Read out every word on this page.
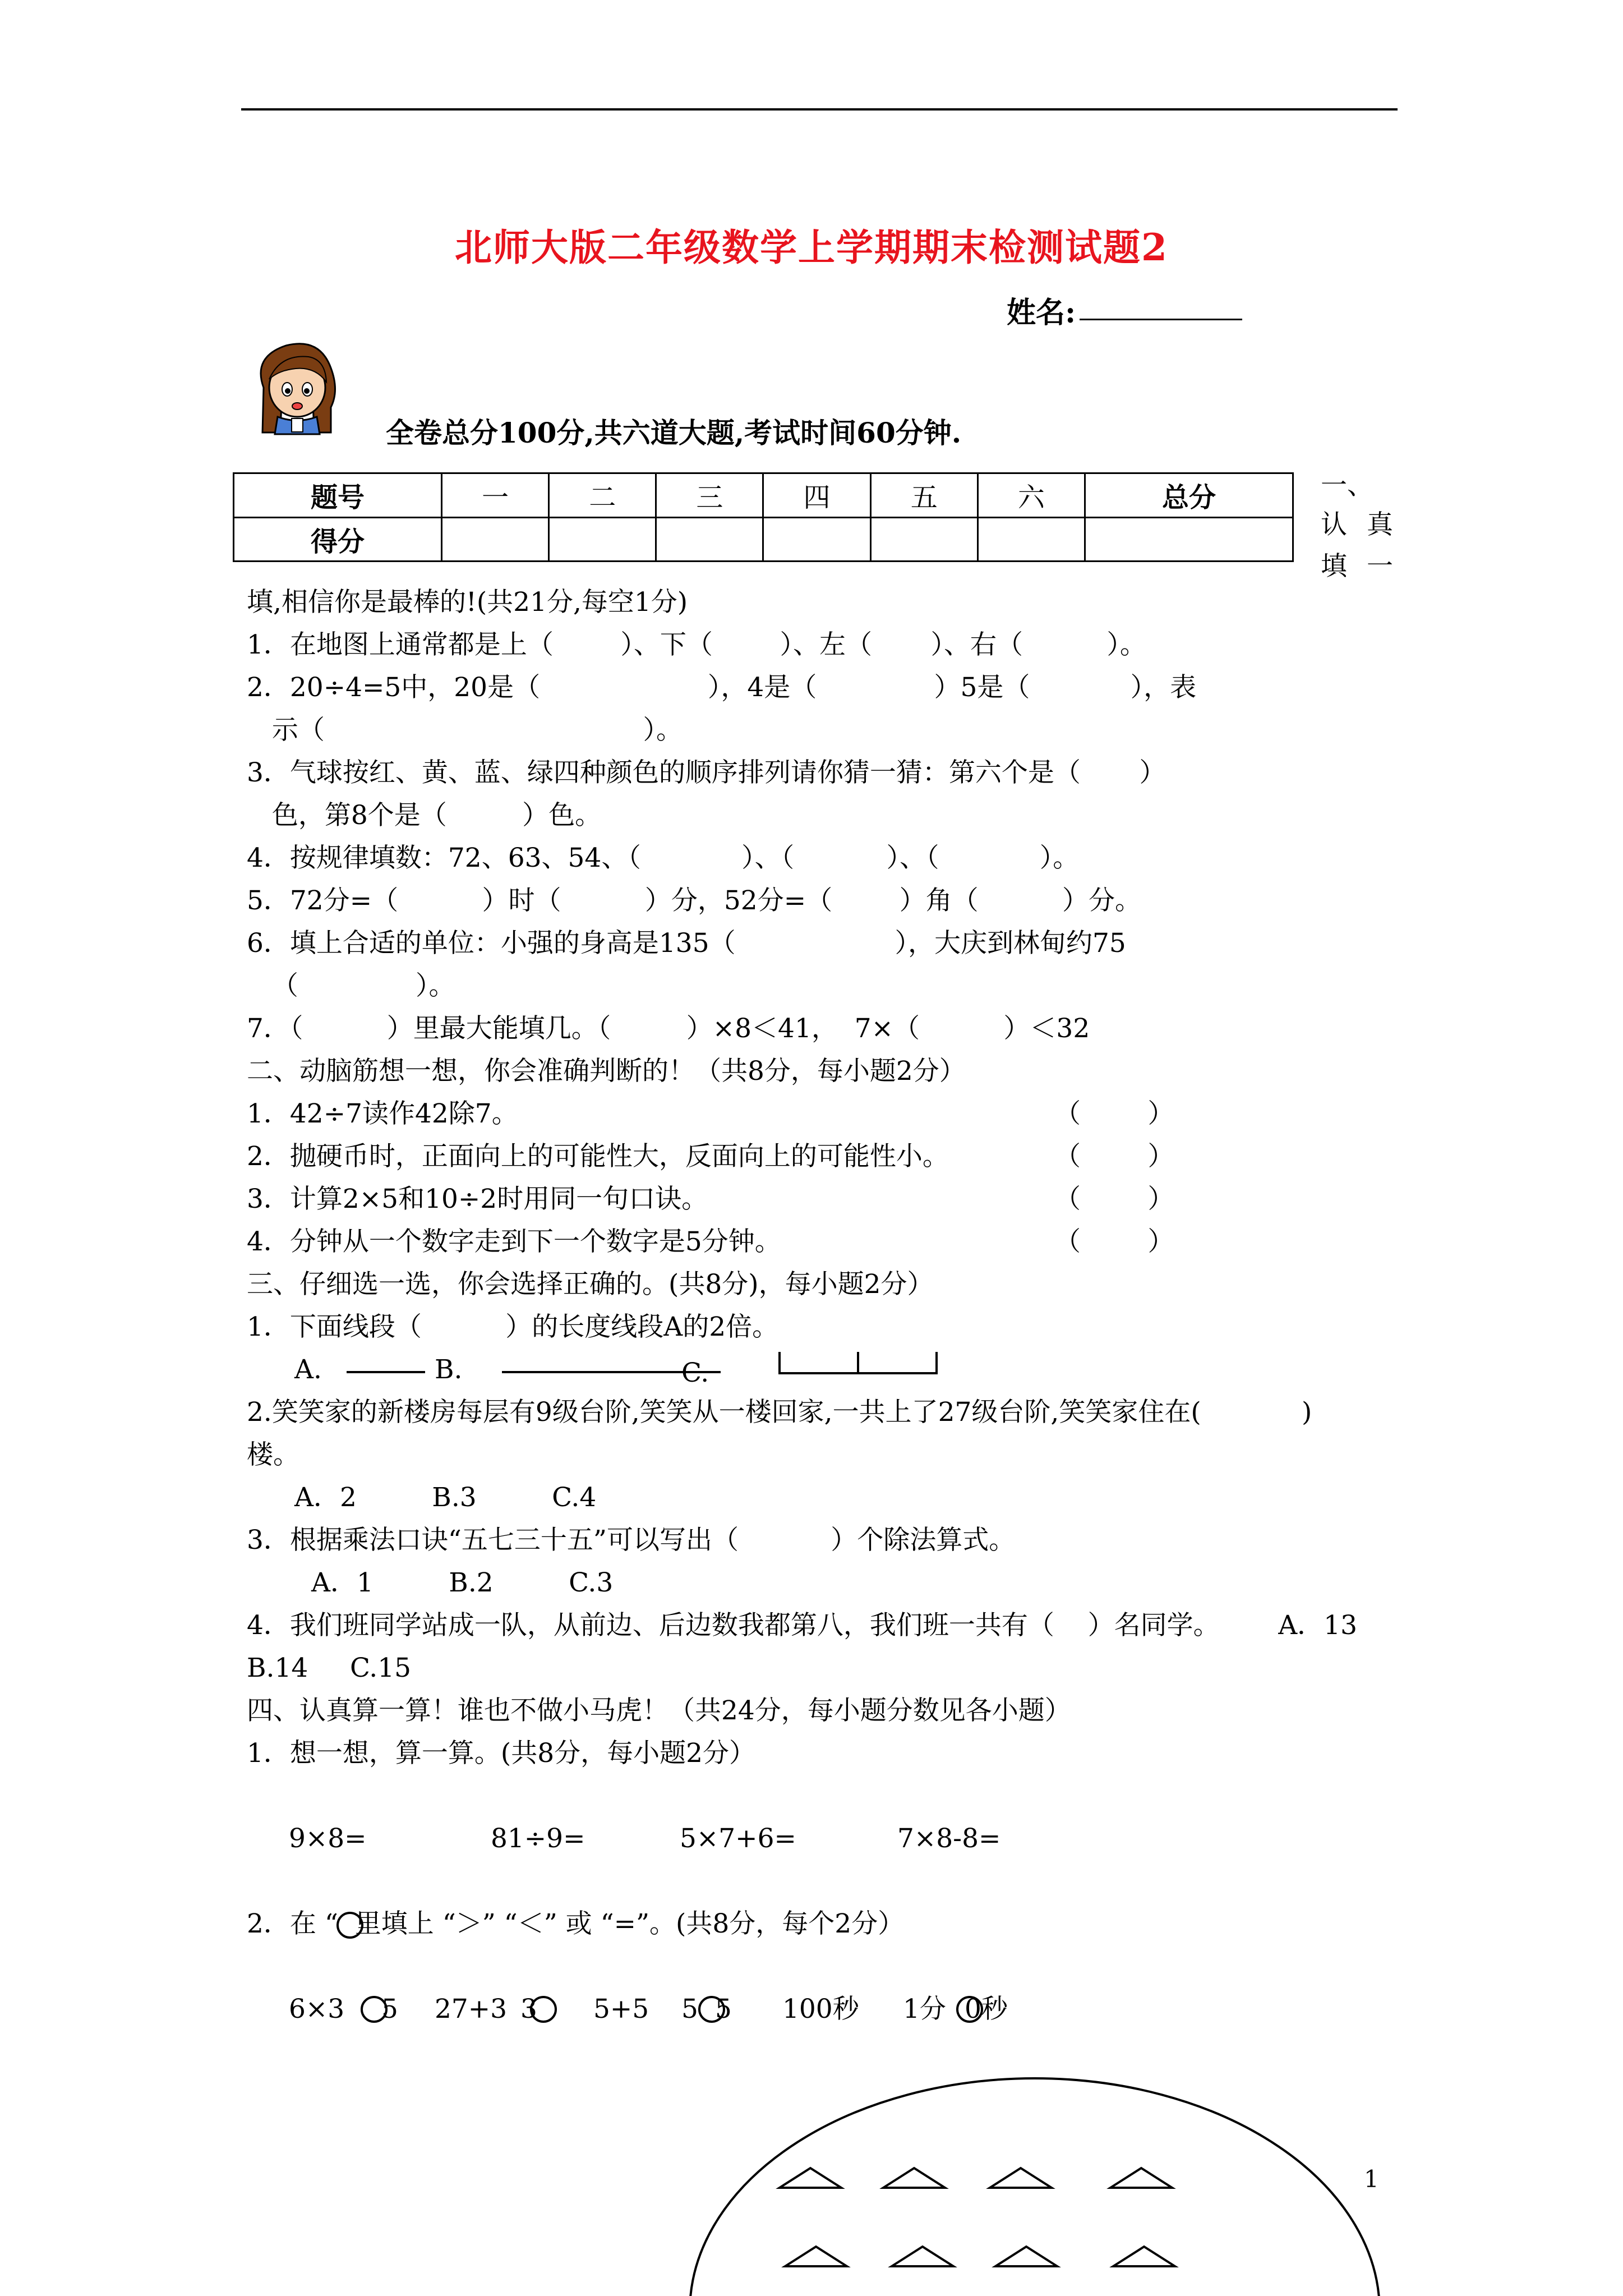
北师大版二年级数学上学期期末检测试题2
姓名:
全卷总分100分,共六道大题,考试时间60分钟.
题号	一	二	三	四	五	六	总分
得分							
一、
认 真
填 一
填,相信你是最棒的!(共21分,每空1分)
1．在地图上通常都是上（        ）、下（        ）、左（       ）、右（          ）。
2．20÷4=5中，20是（                    ），4是（              ）5是（            ），表
示（                                      ）。
3．气球按红、黄、蓝、绿四种颜色的顺序排列请你猜一猜：第六个是（       ）
色，第8个是（         ）色。
4．按规律填数：72、63、54、（            ）、（           ）、（            ）。
5．72分=（          ）时（          ）分，52分=（        ）角（          ）分。
6．填上合适的单位：小强的身高是135（                   ），大庆到林甸约75
（              ）。
7．（          ）里最大能填几。（         ）×8＜41，  7×（          ）＜32
二、动脑筋想一想，你会准确判断的！（共8分，每小题2分）
1．42÷7读作42除7。	（        ）
2．抛硬币时，正面向上的可能性大，反面向上的可能性小。	（        ）
3．计算2×5和10÷2时用同一句口诀。	（        ）
4．分钟从一个数字走到下一个数字是5分钟。	（        ）
三、仔细选一选，你会选择正确的。(共8分)，每小题2分）
1．下面线段（          ）的长度线段A的2倍。
A.	B.	C.
2.笑笑家的新楼房每层有9级台阶,笑笑从一楼回家,一共上了27级台阶,笑笑家住在(            )
楼。
A．2         B.3         C.4
3．根据乘法口诀“五七三十五”可以写出（           ）个除法算式。
A．1         B.2         C.3
4．我们班同学站成一队，从前边、后边数我都第八，我们班一共有（    ）名同学。       A．13
B.14     C.15
四、认真算一算！谁也不做小马虎！（共24分，每小题分数见各小题）
1．想一想，算一算。(共8分，每小题2分）
9×8=	81÷9=	5×7+6=	7×8-8=
2．在 “  里填上 “＞” “＜” 或 “=”。(共8分，每个2分）
6×3 5 27+3 3 5+5 5 5 100秒 1分 0秒
1
